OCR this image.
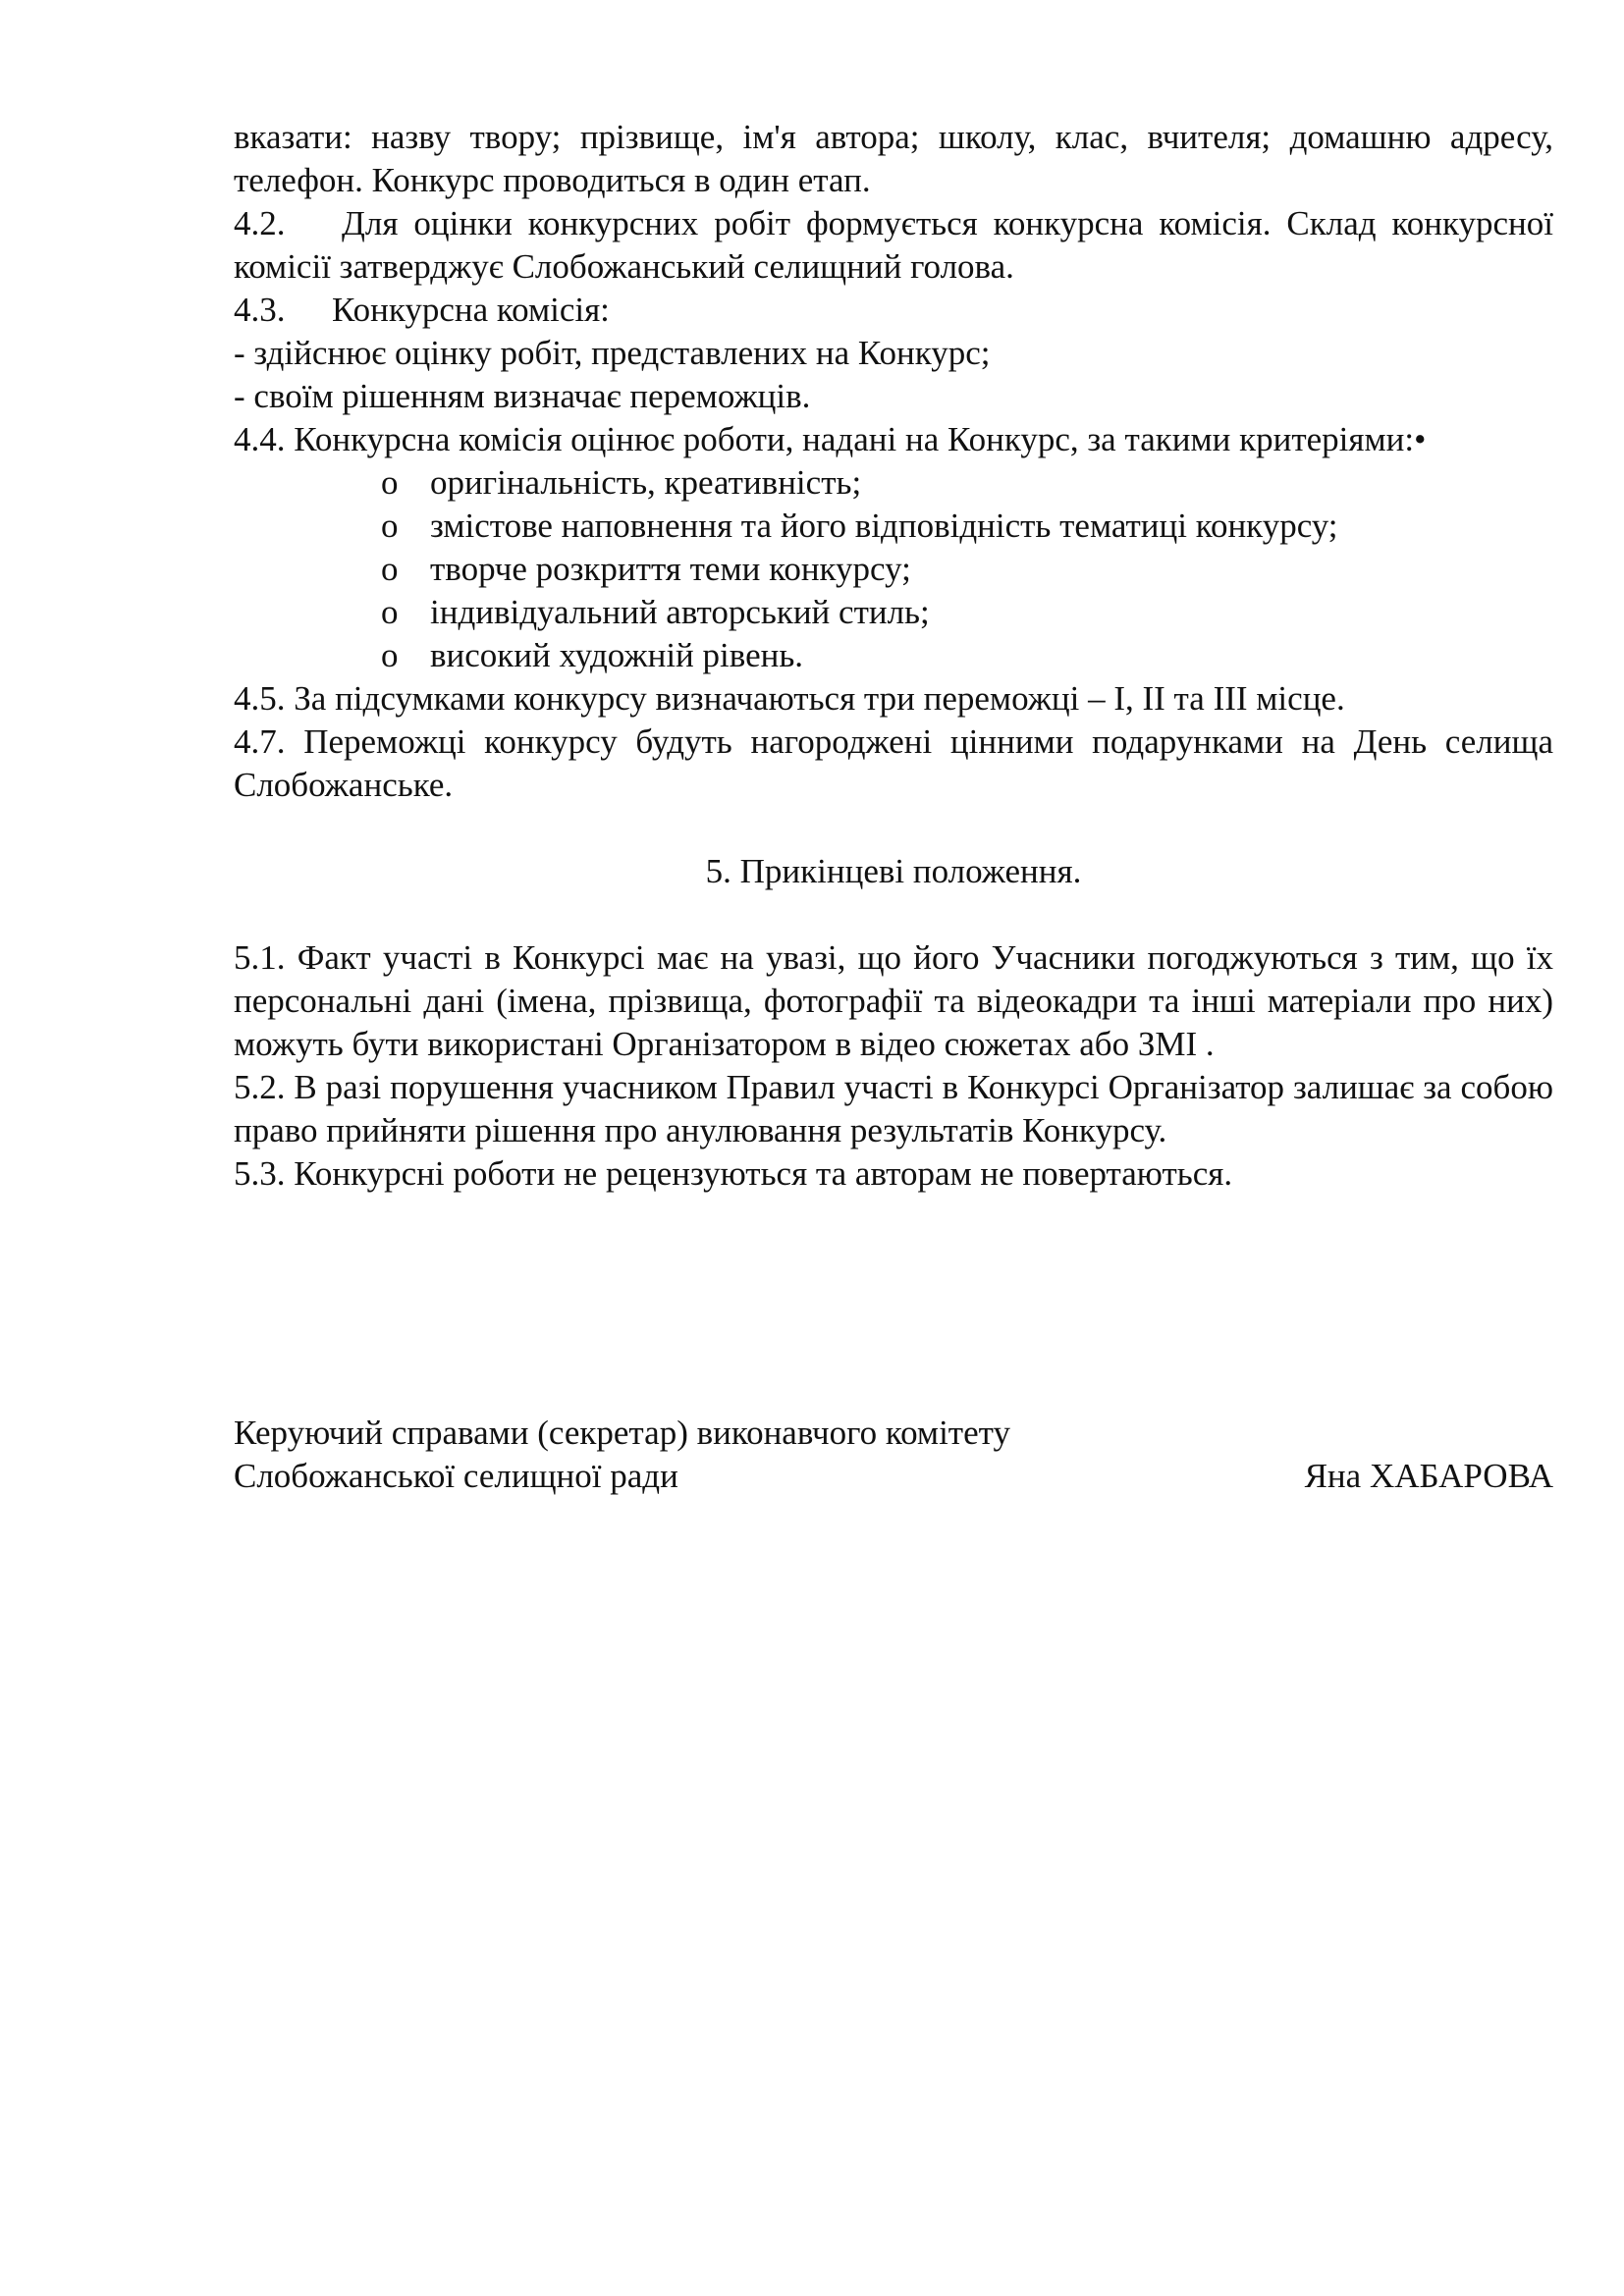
вказати: назву твору; прізвище, ім'я автора; школу, клас, вчителя; домашню адресу, телефон. Конкурс проводиться в один етап.

4.2. Для оцінки конкурсних робіт формується конкурсна комісія. Склад конкурсної комісії затверджує Слобожанський селищний голова.

4.3. Конкурсна комісія:

- здійснює оцінку робіт, представлених на Конкурс;

- своїм рішенням визначає переможців.

4.4. Конкурсна комісія оцінює роботи, надані на Конкурс, за такими критеріями:•

o оригінальність, креативність;
o змістове наповнення та його відповідність тематиці конкурсу;
o творче розкриття теми конкурсу;
o індивідуальний авторський стиль;
o високий художній рівень.

4.5. За підсумками конкурсу визначаються три переможці – І, ІІ та ІІІ місце.

4.7. Переможці конкурсу будуть нагороджені цінними подарунками на День селища Слобожанське.

5. Прикінцеві положення.

5.1. Факт участі в Конкурсі має на увазі, що його Учасники погоджуються з тим, що їх персональні дані (імена, прізвища, фотографії та відеокадри та інші матеріали про них) можуть бути використані Організатором в відео сюжетах або ЗМІ .

5.2. В разі порушення учасником Правил участі в Конкурсі Організатор залишає за собою право прийняти рішення про анулювання результатів Конкурсу.

5.3. Конкурсні роботи не рецензуються та авторам не повертаються.

Керуючий справами (секретар) виконавчого комітету

Слобожанської селищної ради	Яна ХАБАРОВА
